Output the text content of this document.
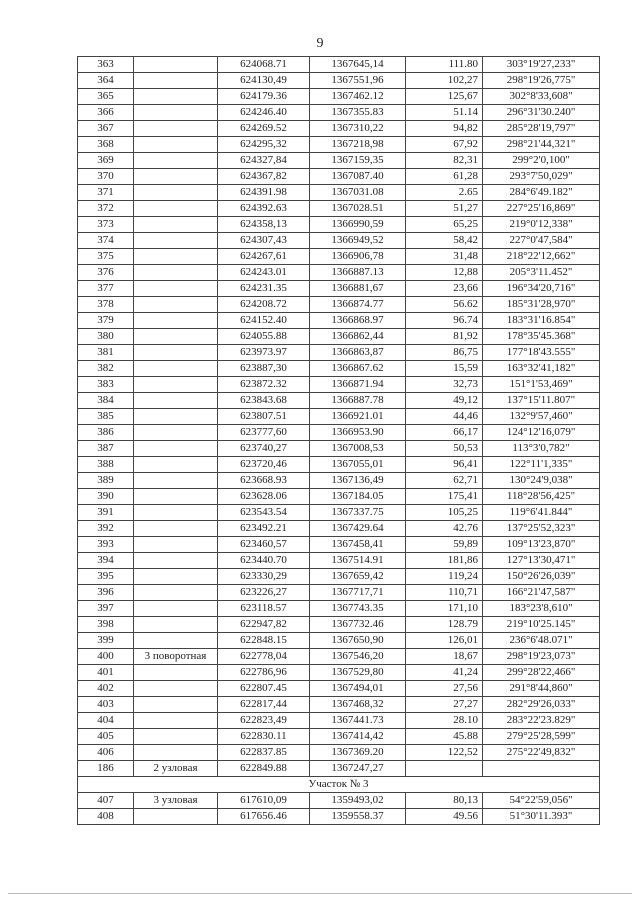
9
363		624068.71	1367645,14	111.80	303°19'27,233"
364		624130,49	1367551,96	102,27	298°19'26,775"
365		624179.36	1367462.12	125,67	302°8'33,608"
366		624246.40	1367355.83	51.14	296°31'30.240"
367		624269.52	1367310,22	94,82	285°28'19,797"
368		624295,32	1367218,98	67,92	298°21'44,321"
369		624327,84	1367159,35	82,31	299°2'0,100"
370		624367,82	1367087.40	61,28	293°7'50,029"
371		624391.98	1367031.08	2.65	284°6'49.182"
372		624392.63	1367028.51	51,27	227°25'16,869"
373		624358,13	1366990,59	65,25	219°0'12,338"
374		624307,43	1366949,52	58,42	227°0'47,584"
375		624267,61	1366906,78	31,48	218°22'12,662"
376		624243.01	1366887.13	12,88	205°3'11.452"
377		624231.35	1366881,67	23,66	196°34'20,716"
378		624208.72	1366874.77	56.62	185°31'28,970"
379		624152.40	1366868.97	96.74	183°31'16.854"
380		624055.88	1366862,44	81,92	178°35'45.368"
381		623973.97	1366863,87	86,75	177°18'43.555"
382		623887,30	1366867.62	15,59	163°32'41,182"
383		623872.32	1366871.94	32,73	151°1'53,469"
384		623843.68	1366887.78	49,12	137°15'11.807"
385		623807.51	1366921.01	44,46	132°9'57,460"
386		623777,60	1366953.90	66,17	124°12'16,079"
387		623740,27	1367008,53	50,53	113°3'0,782"
388		623720,46	1367055,01	96,41	122°11'1,335"
389		623668.93	1367136,49	62,71	130°24'9,038"
390		623628.06	1367184.05	175,41	118°28'56,425"
391		623543.54	1367337.75	105,25	119°6'41.844"
392		623492.21	1367429.64	42.76	137°25'52,323"
393		623460,57	1367458,41	59,89	109°13'23,870"
394		623440.70	1367514.91	181,86	127°13'30,471"
395		623330,29	1367659,42	119,24	150°26'26,039"
396		623226,27	1367717,71	110,71	166°21'47,587"
397		623118.57	1367743.35	171,10	183°23'8,610"
398		622947,82	1367732.46	128.79	219°10'25.145"
399		622848.15	1367650,90	126,01	236°6'48.071"
400	3 поворотная	622778,04	1367546,20	18,67	298°19'23,073"
401		622786,96	1367529,80	41,24	299°28'22,466"
402		622807.45	1367494,01	27,56	291°8'44,860"
403		622817,44	1367468,32	27,27	282°29'26,033"
404		622823,49	1367441.73	28.10	283°22'23.829"
405		622830.11	1367414,42	45.88	279°25'28,599"
406		622837.85	1367369.20	122,52	275°22'49,832"
186	2 узловая	622849.88	1367247,27		
Участок № 3					
407	3 узловая	617610,09	1359493,02	80,13	54°22'59,056"
408		617656.46	1359558.37	49.56	51°30'11.393"
